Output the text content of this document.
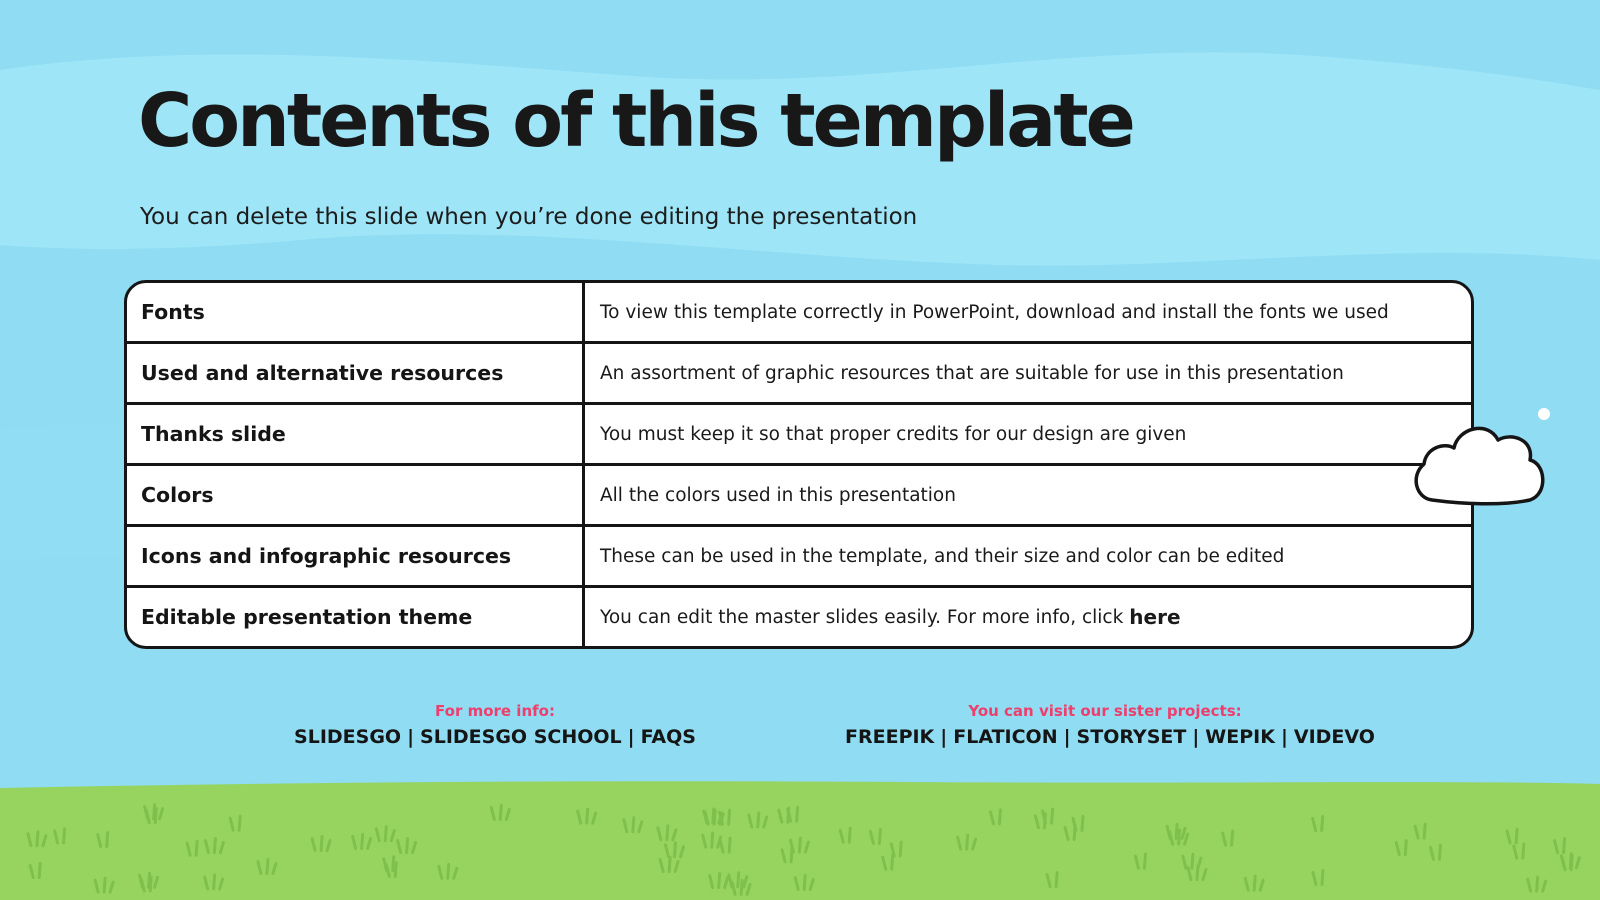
Contents of this template
You can delete this slide when you’re done editing the presentation
Fonts	To view this template correctly in PowerPoint, download and install the fonts we used
Used and alternative resources	An assortment of graphic resources that are suitable for use in this presentation
Thanks slide	You must keep it so that proper credits for our design are given
Colors	All the colors used in this presentation
Icons and infographic resources	These can be used in the template, and their size and color can be edited
Editable presentation theme	You can edit the master slides easily. For more info, click here
For more info:
SLIDESGO | SLIDESGO SCHOOL | FAQS
You can visit our sister projects:
FREEPIK | FLATICON | STORYSET | WEPIK | VIDEVO
